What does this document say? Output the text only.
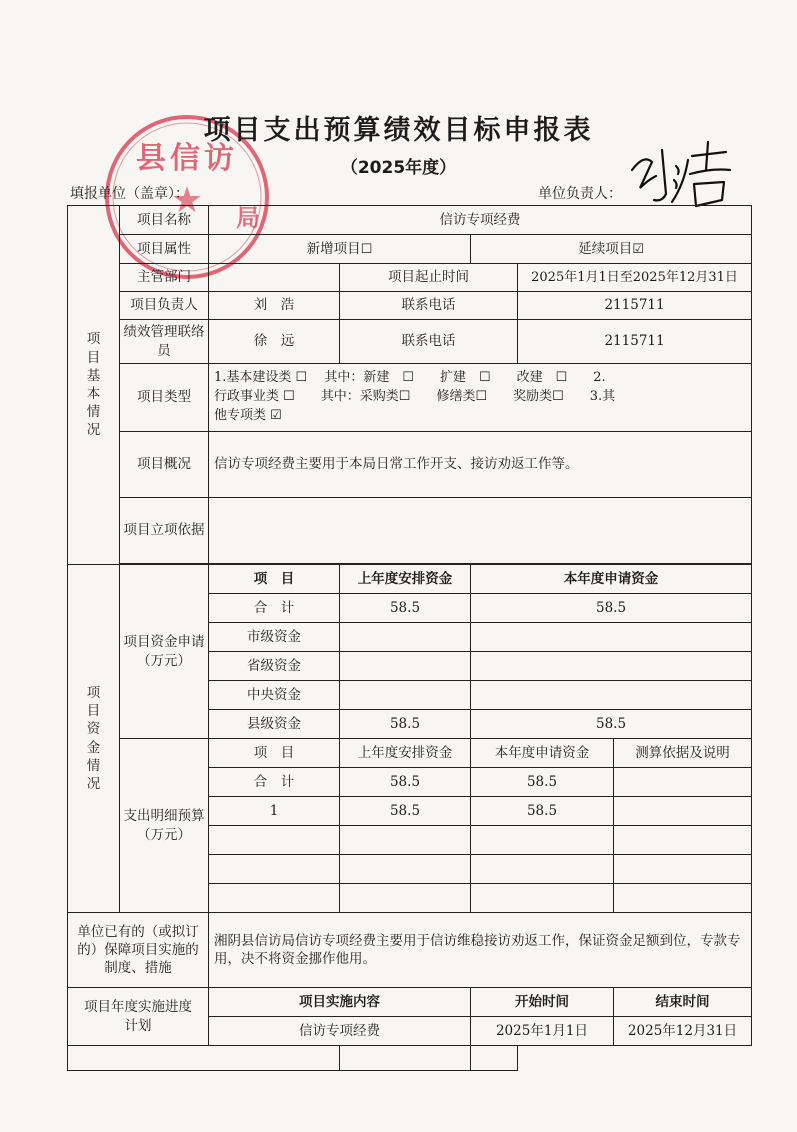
县信访
★ 局
项目支出预算绩效目标申报表
（2025年度）
填报单位（盖章）：	单位负责人：
项目基本情况	项目名称	信访专项经费				
	项目属性	新增项目☐		延续项目☑		
	主管部门		项目起止时间		2025年1月1日至2025年12月31日	
	项目负责人	刘　浩	联系电话		2115711	
	绩效管理联络员	徐　远	联系电话		2115711	
	项目类型	1.基本建设类 ☐　 其中：新建　☐　　扩建　☐　　改建　☐　　2.
行政事业类 ☐　　其中：采购类☐　　修缮类☐　　奖励类☐　　3.其
他专项类 ☑				

	项目概况	信访专项经费主要用于本局日常工作开支、接访劝返工作等。				
	项目立项依据					

项目资金情况	项目资金申请（万元）	项　目	上年度安排资金	本年度申请资金		
		合　计	58.5	58.5		
		市级资金				
		省级资金				
		中央资金				
		县级资金	58.5	58.5		
	支出明细预算（万元）	项　目	上年度安排资金	本年度申请资金		测算依据及说明
		合　计	58.5	58.5		
		1	58.5	58.5		

单位已有的（或拟订的）保障项目实施的制度、措施		湘阴县信访局信访专项经费主要用于信访维稳接访劝返工作，保证资金足额到位，专款专用，决不将资金挪作他用。				
项目年度实施进度计划		项目实施内容		开始时间		结束时间
		信访专项经费		2025年1月1日		2025年12月31日
